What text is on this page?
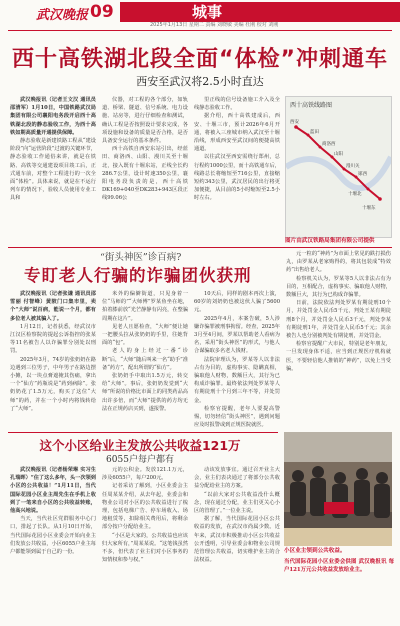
武汉晚报 09	城事
2025年1月13日 星期二 责编 刘晓敏 美编 杜刚 校对 刘刚
西十高铁湖北段全面“体检”冲刺通车
西安至武汉将2.5小时直达

武汉晚报讯（记者王文汉 通讯员邵清军）1月10日，中国铁路武汉局集团有限公司襄阳电务段开启西十高铁湖北段的静态验收工作，为西十高铁如期高质量开通提供保障。

静态验收是新建铁路工程从“建设阶段”向“运营阶段”过渡的关键环节，静态验收工作通俗来讲，就是在铁路、高铁等交通建设项目竣工后，正式通车前，对整个工程进行的一次全面“体检”。具体来说，就是在不运行列车的情况下，验收人员使用专业工具和

仪器，对工程的各个部分，如轨道、桥梁、隧道、信号系统、电力设施、站房等，进行仔细检查和测试，确认工程是否按照设计要求完成，各项设施和设备的质量是否合格，是否具备安全运行的基本条件。

西十高铁自西安东站引出，经蓝田、商洛西、山阳、漫川关至十堰北，接入既有十堰东站，正线全长约286.7公里，设计时速350公里，襄阳电务段负责的是，西十高铁DK169+040至DK283+943区段正线99.06公

里正线的信号设备施工介入及全线静态验收工作。

据介绍，西十高铁建成后，西安、十堰三市，预计2026年6月开通，将被入三座城市纳入武汉至十堰沿线，形成西安至武汉间的便捷高铁通道。

以往武汉至西安需绕行郑州，总行程约1000公里，而十高铁通车后，线路总长将缩短至716公里，直接缩短约343公里，武汉居民的出行将更加便捷，从目前的5小时缩短至2.5小时左右。

西十高铁线路图
西安
蓝田
商洛西
山阳
漫川关
郧西
十堰北
十堰东
图片由武汉铁路局集团有限公司提供
“街头神医”诊百病?
专盯老人行骗的诈骗团伙获刑

武汉晚报讯（记者张谦 通讯员邵雪丽 付智峰）黄陂门口集市里，卖个“大师”说百病，能说一个月，都有多位老人被其骗入了。

1月12日，记者获悉，经武汉市江汉区检察院的提起公诉指控的张某等11名被告人以诈骗罪分别处以刑罚。

2025年3月，74岁的张奶奶在路边遇到三位男子，中年男子在路边摆小摊，以一块点膏遮掩其伤痛，拿出一个“仙方”药瓶说是“药到病除”。张奶奶花了1.5万元，购买了这位“大师”的药，并在一个小时内将钱转给了“大师”。

米外的偏僻街道，只见身着一位“马师的”“大师傅”罗某鱼坐在地，拍着膝前放“光芒静静有闪亮，在整骗周期在这片”。

见老人且愿检查，“大师”便让她一把腰头拉从张奶奶的手里，往她背面的“包”。

老人的身上经过一番“诊断”后，“大师”随后叫来一名“助手”准备“药方”，配出所谓的“仙方”。

张奶奶手中取出1.5万元，转交给“大师”。事后，张奶奶发觉到“大师”所说的价格比市面上的同类药品高出许多倍，而“大师”提供的药方均无法在正规药店买到，遂报警。

10天后，同样的剧本再次上演，60岁的刘奶奶也被这伙人骗了5600元。

2025年4月，本案告破，5人涉嫌诈骗罪被刑事拘留。经查，2025年3月至4月间，罗某以帮助老人看病为名，采用“街头神医”的形式，与他人合谋骗取多名老人钱财。

法院审理认为，罗某等人以非法占有为目的，虚构事实、隐瞒真相，骗取他人财物，数额巨大，其行为已构成诈骗罪。最终依法判处罗某等人有期徒刑十个月到三年不等，并处罚金。

检察官提醒，老年人要提高警惕，切勿轻信“街头神医”，遇到问题应及时报警或到正规医院就医。

元一粒的“神药”为市面上常见的跌打损伤丸，由罗某从老家购得的，将其包装成“特效药”出售给老人。

检察机关认为，罗某等5人以非法占有为目的，互相配合，虚构事实、骗取他人财物，数额巨大，其行为已构成诈骗罪。

日前，法院依法判处罗某有期徒刑10个月，并处罚金人民币5千元，判处王某有期徒刑8个月，并处罚金人民币3千元，判处李某有期徒刑1年，并处罚金人民币5千元；其余被告人也分别被判处有期徒刑，并处罚金。

检察官提醒广大市民，特别是老年朋友，一旦发现身体不适，应当到正规医疗机构就医，不要轻信他人推销的“神药”，以免上当受骗。

这个小区给业主发放公共收益121万
6055户每户都有

武汉晚报讯（记者杨荣琳 实习生孔瑞晖）“住了这么多年，头一次领到小区的公共收益！”1月11日，当代国际花园小区业主周先生在手机上收到了一笔来自小区的公共收益转账，他高兴地说。

当天，当代社区党群服务中心门口，排起了长队。从1月10日开始，当代国际花园小区业委会开始向业主们发放公共收益，小区6055户业主每户都能领到属于自己的一份。

元的公积金。发放121.1万元，涉及6055户，每户200元。

记者采访了解到，小区业委会主任周某某介绍，从去年起，业委会和物业公司对小区的公共收益进行了梳理，包括电梯广告、停车场收入、场地租赁等，扣除相关费用后，将剩余部分按户分配给业主。

“小区是大家的，公共收益也应该归大家所有，”周某某说。“这笔钱虽然不多，但代表了业主们对小区事务的知情权和参与权。”

动该发放事宜。通过召开业主大会，业主们表决通过了将部分公共收益分配给业主的方案。

“以前大家对公共收益没什么概念，现在通过分配，业主们更关心小区的管理了。”一位业主说。

据了解，当代国际花园小区公共收益的发放，在武汉市尚属少数。近年来，武汉市积极推动小区公共收益公开透明，引导业委会和物业公司规范管理公共收益，切实维护业主的合法权益。

小区业主领到公共收益。

当代国际花园小区业委会供图 武汉晚报讯 每户121万元公共收益发放给业主。
